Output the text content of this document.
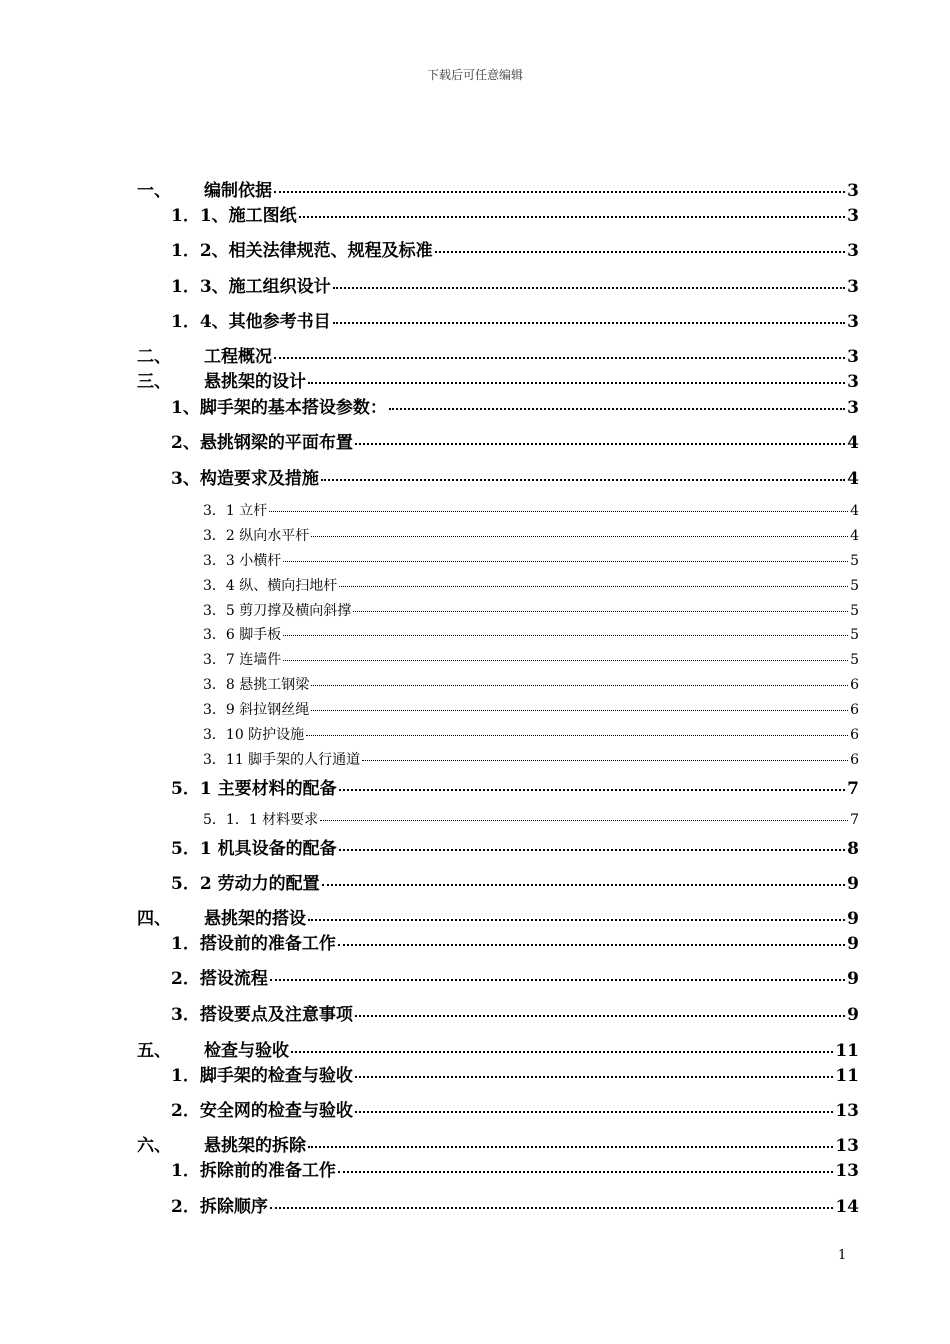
下载后可任意编辑
一、	编制依据	3
1．1、施工图纸	3
1．2、相关法律规范、规程及标准	3
1．3、施工组织设计	3
1．4、其他参考书目	3
二、	工程概况	3
三、	悬挑架的设计	3
1、脚手架的基本搭设参数：	3
2、悬挑钢梁的平面布置	4
3、构造要求及措施	4
3．1 立杆	4
3．2 纵向水平杆	4
3．3 小横杆	5
3．4 纵、横向扫地杆	5
3．5 剪刀撑及横向斜撑	5
3．6 脚手板	5
3．7 连墙件	5
3．8 悬挑工钢梁	6
3．9 斜拉钢丝绳	6
3．10 防护设施	6
3．11 脚手架的人行通道	6
5．1 主要材料的配备	7
5．1．1 材料要求	7
5．1 机具设备的配备	8
5．2 劳动力的配置	9
四、	悬挑架的搭设	9
1．搭设前的准备工作	9
2．搭设流程	9
3．搭设要点及注意事项	9
五、	检查与验收	11
1．脚手架的检查与验收	11
2．安全网的检查与验收	13
六、	悬挑架的拆除	13
1．拆除前的准备工作	13
2．拆除顺序	14
1
